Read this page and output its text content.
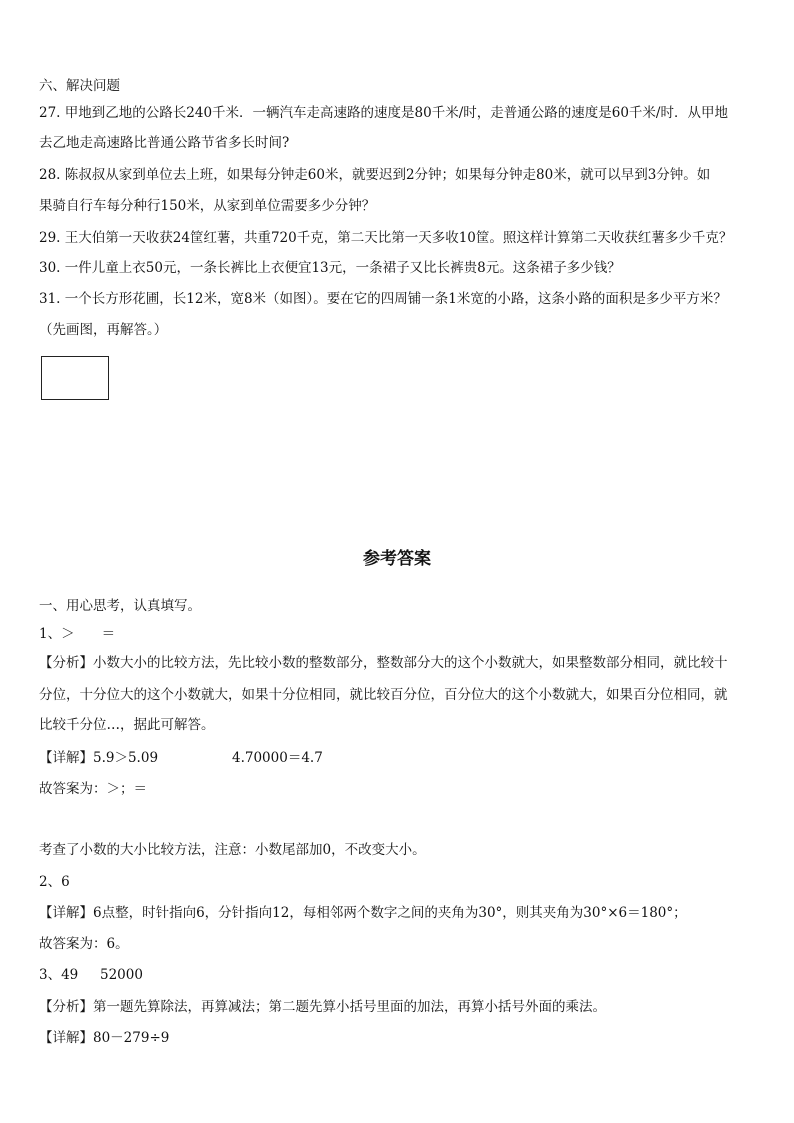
六、解决问题
27. 甲地到乙地的公路长240千米．一辆汽车走高速路的速度是80千米/时，走普通公路的速度是60千米/时．从甲地
去乙地走高速路比普通公路节省多长时间?
28. 陈叔叔从家到单位去上班，如果每分钟走60米，就要迟到2分钟；如果每分钟走80米，就可以早到3分钟。如
果骑自行车每分种行150米，从家到单位需要多少分钟？
29. 王大伯第一天收获24筐红薯，共重720千克，第二天比第一天多收10筐。照这样计算第二天收获红薯多少千克？
30. 一件儿童上衣50元，一条长裤比上衣便宜13元，一条裙子又比长裤贵8元。这条裙子多少钱？
31. 一个长方形花圃，长12米，宽8米（如图）。要在它的四周铺一条1米宽的小路，这条小路的面积是多少平方米？
（先画图，再解答。）
参考答案
一、用心思考，认真填写。
1、＞　　＝
【分析】小数大小的比较方法，先比较小数的整数部分，整数部分大的这个小数就大，如果整数部分相同，就比较十
分位，十分位大的这个小数就大，如果十分位相同，就比较百分位，百分位大的这个小数就大，如果百分位相同，就
比较千分位…，据此可解答。
【详解】5.9＞5.09	4.70000＝4.7
故答案为：＞；＝
考查了小数的大小比较方法，注意：小数尾部加0，不改变大小。
2、6
【详解】6点整，时针指向6，分针指向12，每相邻两个数字之间的夹角为30°，则其夹角为30°×6＝180°；
故答案为：6。
3、49 52000
【分析】第一题先算除法，再算减法；第二题先算小括号里面的加法，再算小括号外面的乘法。
【详解】80－279÷9
